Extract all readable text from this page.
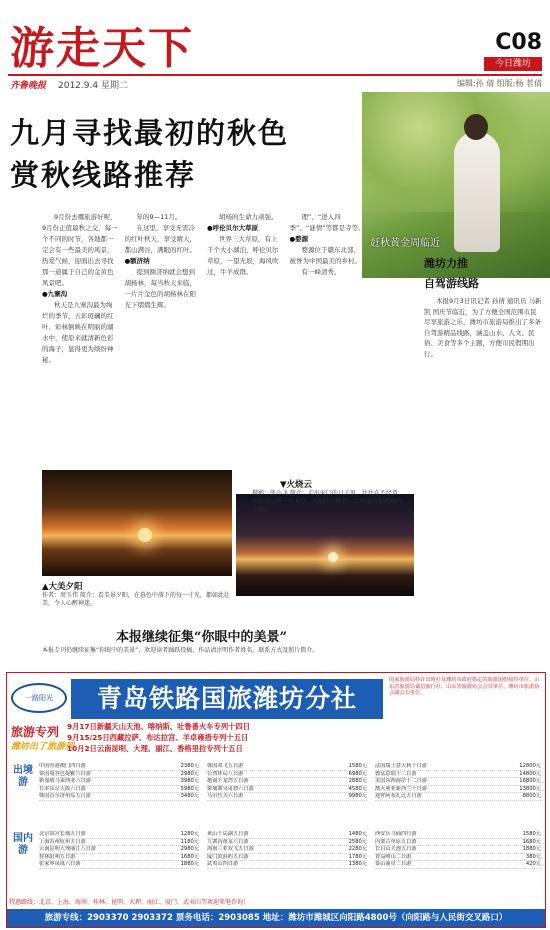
游走天下	C08
今日潍坊
齐鲁晚报 2012.9.4 星期二	编辑:孙 倩 组版:杨 茗倩
九月寻找最初的秋色
赏秋线路推荐
赶秋黄金周临近

9月份去哪旅游好呢，9月份正值最秋之交，每一个不同的时节，各地都一定会有一些最美的风景，热爱气候，迎面出去寻找那一道属于自己的金黄色风景吧。

●九寨沟

秋天是九寨沟最为绚烂的季节，五彩斑斓的红叶、彩林倒映在明丽的湖水中，使原来就清新色彩的海子，显得更为缤纷神秘。

年的9—11月。

在这里，享受无需冷的红叶秋天，享受晴天，都山满谷，满眼的红叶。

●额济纳

提到额济纳就会想到胡杨林，每当秋天来临，一片片金色的胡杨林在阳光下熠熠生辉。

胡杨的生命力顽强。

●呼伦贝尔大草原

世界三大草原，有上千个大小湖泊，呼伦贝尔草原，一望无垠，海风吹过，牛羊成群。

理”、“进入四季”、“谜情”等都是寺等。

●婺源

婺源位于赣东北部，被誉为中国最美的乡村。

有一峰清秀。

潍坊力推
自驾游线路
本报9月3日讯记者 孙倩 通讯员 马新凯 国庆节临近，为了方便全国范围市民尽享旅游之乐，潍坊市旅游局推出了多条自驾游精品线路，涵盖山水、人文、民俗、美食等多个主题，方便市民假期出行。
▼火烧云
摄影：张小飞 简介：走出家门的日子里，往往在不经意间看见这样一片天空，太阳的余晖将云层映照得像燃烧的火焰。
▲大美夕阳
作者：周玉伟 简介：看美景夕阳，在暮色中落下的每一寸光，都如此壮美，令人心醉神迷。
本报继续征集“你眼中的美景”
本报专刊仍继续征集“你眼中的美景”，欢迎读者踊跃投稿，作品请注明作者姓名、联系方式及照片简介。
一路阳光	青岛铁路国旅潍坊分社
国家旅游局特许出境社及潍坊市政府指定的旅游团组接待单位、山东省旅游局诚信旅行社、山东省旅游协会会员单位、潍坊市旅游协会副会长单位。
旅游专列
潍坊出了旅游列
9月17日新疆天山天池、喀纳斯、吐鲁番火车专列十四日
9月15/25日西藏拉萨、布达拉宫、羊卓雍措专列十五日
10月2日云南昆明、大理、丽江、香格里拉专列十五日
出境游
国内游
中国香港澳门四日游	2380元
泰国曼谷芭提雅六日游	2980元
新加坡马来西亚六日游	3980元
日本东京大阪六日游	5980元
韩国首尔济州岛五日游	3480元
韩国双飞五日游	1580元
台湾环岛八日游	6980元
越南下龙湾五日游	2880元
柬埔寨吴哥窟六日游	4580元
马尔代夫六日游	9980元
法国瑞士意大利十日游	12800元
德法意瑞十二日游	14800元
美国东西海岸十二日游	16800元
澳大利亚新西兰十日游	13800元
迪拜阿布扎比五日游	8800元
北京故宫长城五日游	1280元
上海苏州杭州五日游	1180元
云南昆明大理丽江八日游	2980元
桂林阳朔五日游	1680元
张家界凤凰六日游	1880元
黄山千岛湖五日游	1480元
九寨沟黄龙六日游	2580元
海南三亚双飞五日游	2280元
厦门鼓浪屿五日游	1780元
武夷山四日游	1380元
西安兵马俑四日游	1580元
内蒙古草原五日游	1680元
长白山天池五日游	1880元
青岛崂山二日游	380元
泰山曲阜二日游	420元
特惠路线：北京、上海、海南、桂林、昆明、大理、丽江、厦门、武夷山等欢迎来电咨询！
旅游专线：2903370 2903372 票务电话：2903085 地址：潍坊市潍城区向阳路4800号（向阳路与人民街交叉路口）
